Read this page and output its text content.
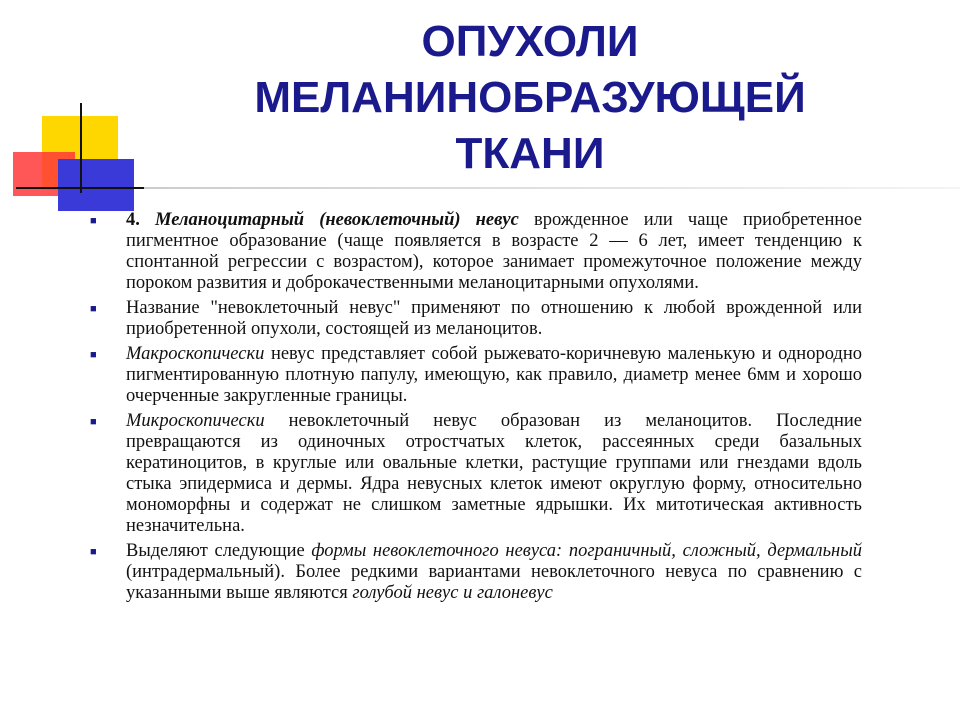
ОПУХОЛИ
МЕЛАНИНОБРАЗУЮЩЕЙ
ТКАНИ
■ 4. Меланоцитарный (невоклеточный) невус врожденное или чаще приобретенное пигментное образование (чаще появляется в возрасте 2 — 6 лет, имеет тенденцию к спонтанной регрессии с возрастом), которое занимает промежуточное положение между пороком развития и доброкачественными меланоцитарными опухолями.

■ Название "невоклеточный невус" применяют по отношению к любой врожденной или приобретенной опухоли, состоящей из меланоцитов.

■ Макроскопически невус представляет собой рыжевато-коричневую маленькую и однородно пигментированную плотную папулу, имеющую, как правило, диаметр менее 6мм и хорошо очерченные закругленные границы.

■ Микроскопически невоклеточный невус образован из меланоцитов. Последние превращаются из одиночных отростчатых клеток, рассеянных среди базальных кератиноцитов, в круглые или овальные клетки, растущие группами или гнездами вдоль стыка эпидермиса и дермы. Ядра невусных клеток имеют округлую форму, относительно мономорфны и содержат не слишком заметные ядрышки. Их митотическая активность незначительна.

■ Выделяют следующие формы невоклеточного невуса: пограничный, сложный, дермальный (интрадермальный). Более редкими вариантами невоклеточного невуса по сравнению с указанными выше являются голубой невус и галоневус
